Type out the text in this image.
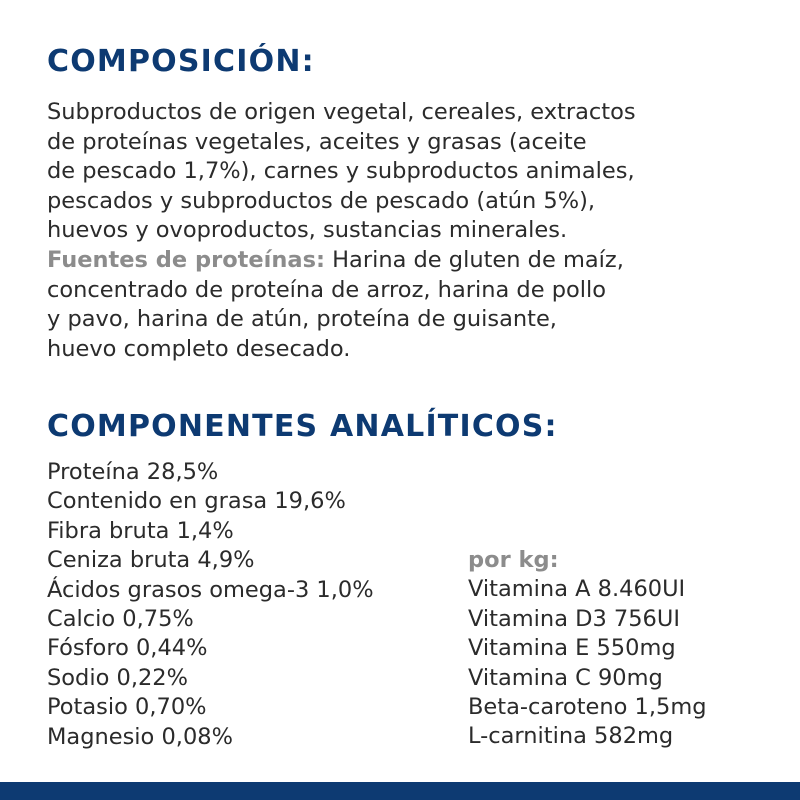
COMPOSICIÓN:
Subproductos de origen vegetal, cereales, extractos
de proteínas vegetales, aceites y grasas (aceite
de pescado 1,7%), carnes y subproductos animales,
pescados y subproductos de pescado (atún 5%),
huevos y ovoproductos, sustancias minerales.
Fuentes de proteínas: Harina de gluten de maíz,
concentrado de proteína de arroz, harina de pollo
y pavo, harina de atún, proteína de guisante,
huevo completo desecado.
COMPONENTES ANALÍTICOS:
Proteína 28,5%
Contenido en grasa 19,6%
Fibra bruta 1,4%
Ceniza bruta 4,9%
Ácidos grasos omega-3 1,0%
Calcio 0,75%
Fósforo 0,44%
Sodio 0,22%
Potasio 0,70%
Magnesio 0,08%
por kg:
Vitamina A 8.460UI
Vitamina D3 756UI
Vitamina E 550mg
Vitamina C 90mg
Beta-caroteno 1,5mg
L-carnitina 582mg
